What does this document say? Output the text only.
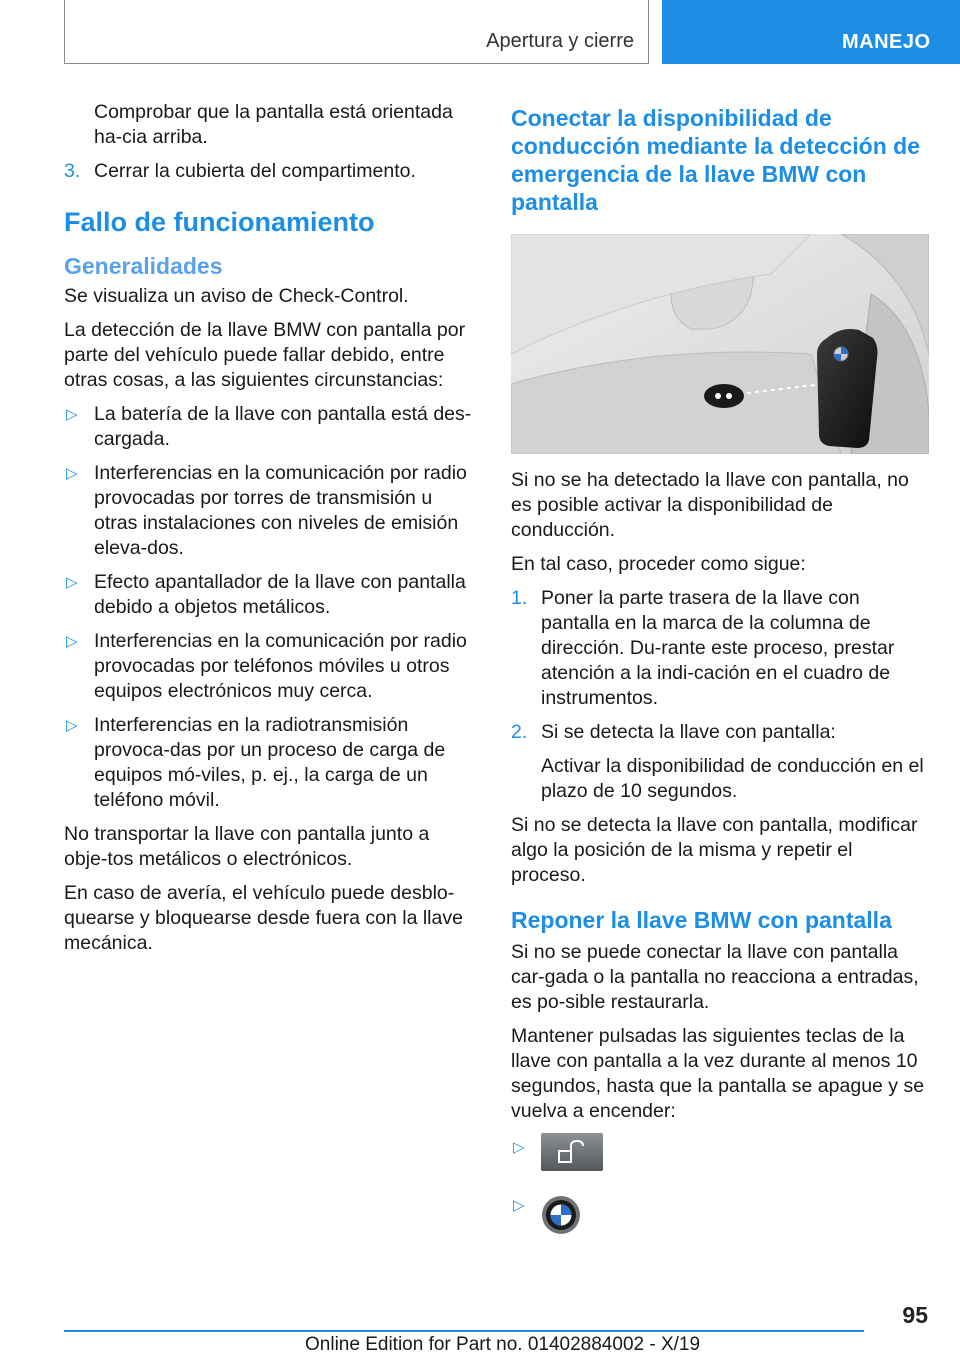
Apertura y cierre	MANEJO

Comprobar que la pantalla está orientada ha-cia arriba.

3. Cerrar la cubierta del compartimento.
Fallo de funcionamiento
Generalidades

Se visualiza un aviso de Check-Control.

La detección de la llave BMW con pantalla por parte del vehículo puede fallar debido, entre otras cosas, a las siguientes circunstancias:

▷ La batería de la llave con pantalla está des-cargada.
▷ Interferencias en la comunicación por radio provocadas por torres de transmisión u otras instalaciones con niveles de emisión eleva-dos.
▷ Efecto apantallador de la llave con pantalla debido a objetos metálicos.
▷ Interferencias en la comunicación por radio provocadas por teléfonos móviles u otros equipos electrónicos muy cerca.
▷ Interferencias en la radiotransmisión provoca-das por un proceso de carga de equipos mó-viles, p. ej., la carga de un teléfono móvil.

No transportar la llave con pantalla junto a obje-tos metálicos o electrónicos.

En caso de avería, el vehículo puede desblo-quearse y bloquearse desde fuera con la llave mecánica.

Conectar la disponibilidad de conducción mediante la detección de emergencia de la llave BMW con pantalla

Si no se ha detectado la llave con pantalla, no es posible activar la disponibilidad de conducción.

En tal caso, proceder como sigue:

1. Poner la parte trasera de la llave con pantalla en la marca de la columna de dirección. Du-rante este proceso, prestar atención a la indi-cación en el cuadro de instrumentos.
2. Si se detecta la llave con pantalla:

Activar la disponibilidad de conducción en el plazo de 10 segundos.

Si no se detecta la llave con pantalla, modificar algo la posición de la misma y repetir el proceso.

Reponer la llave BMW con pantalla

Si no se puede conectar la llave con pantalla car-gada o la pantalla no reacciona a entradas, es po-sible restaurarla.

Mantener pulsadas las siguientes teclas de la llave con pantalla a la vez durante al menos 10 segundos, hasta que la pantalla se apague y se vuelva a encender:

▷
▷
95
Online Edition for Part no. 01402884002 - X/19
